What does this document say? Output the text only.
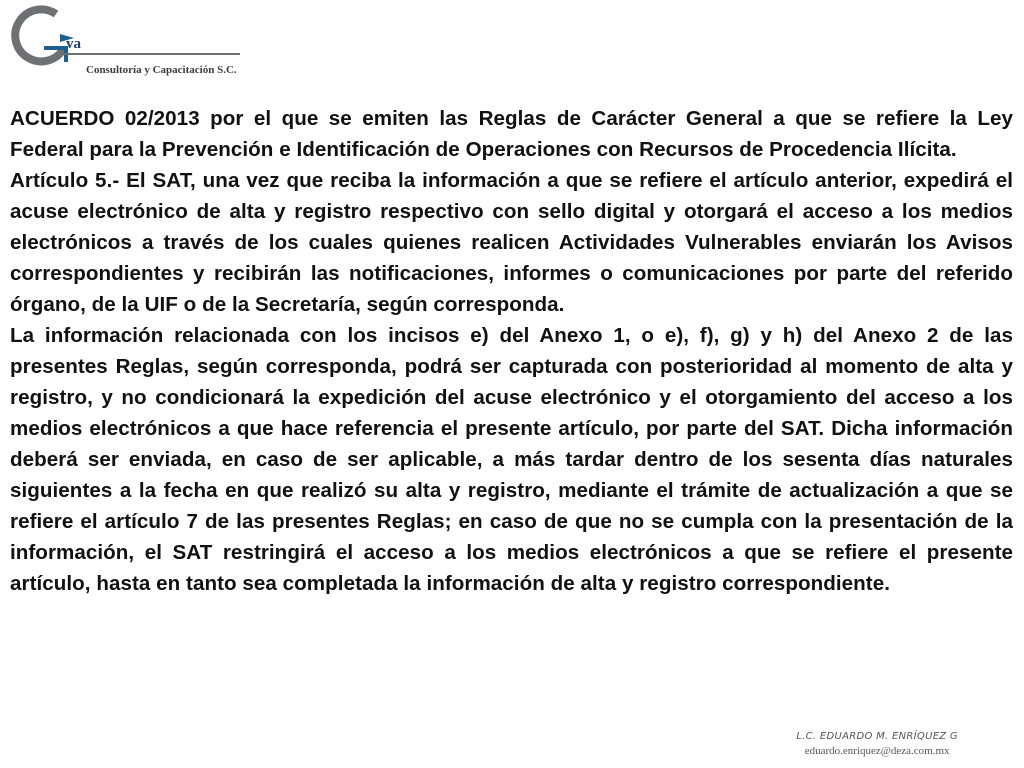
va
Consultoría y Capacitación S.C.

ACUERDO 02/2013 por el que se emiten las Reglas de Carácter General a que se refiere la Ley Federal para la Prevención e Identificación de Operaciones con Recursos de Procedencia Ilícita.

Artículo 5.- El SAT, una vez que reciba la información a que se refiere el artículo anterior, expedirá el acuse electrónico de alta y registro respectivo con sello digital y otorgará el acceso a los medios electrónicos a través de los cuales quienes realicen Actividades Vulnerables enviarán los Avisos correspondientes y recibirán las notificaciones, informes o comunicaciones por parte del referido órgano, de la UIF o de la Secretaría, según corresponda.

La información relacionada con los incisos e) del Anexo 1, o e), f), g) y h) del Anexo 2 de las presentes Reglas, según corresponda, podrá ser capturada con posterioridad al momento de alta y registro, y no condicionará la expedición del acuse electrónico y el otorgamiento del acceso a los medios electrónicos a que hace referencia el presente artículo, por parte del SAT. Dicha información deberá ser enviada, en caso de ser aplicable, a más tardar dentro de los sesenta días naturales siguientes a la fecha en que realizó su alta y registro, mediante el trámite de actualización a que se refiere el artículo 7 de las presentes Reglas; en caso de que no se cumpla con la presentación de la información, el SAT restringirá el acceso a los medios electrónicos a que se refiere el presente artículo, hasta en tanto sea completada la información de alta y registro correspondiente.

L.C. EDUARDO M. ENRÍQUEZ G
eduardo.enriquez@deza.com.mx
